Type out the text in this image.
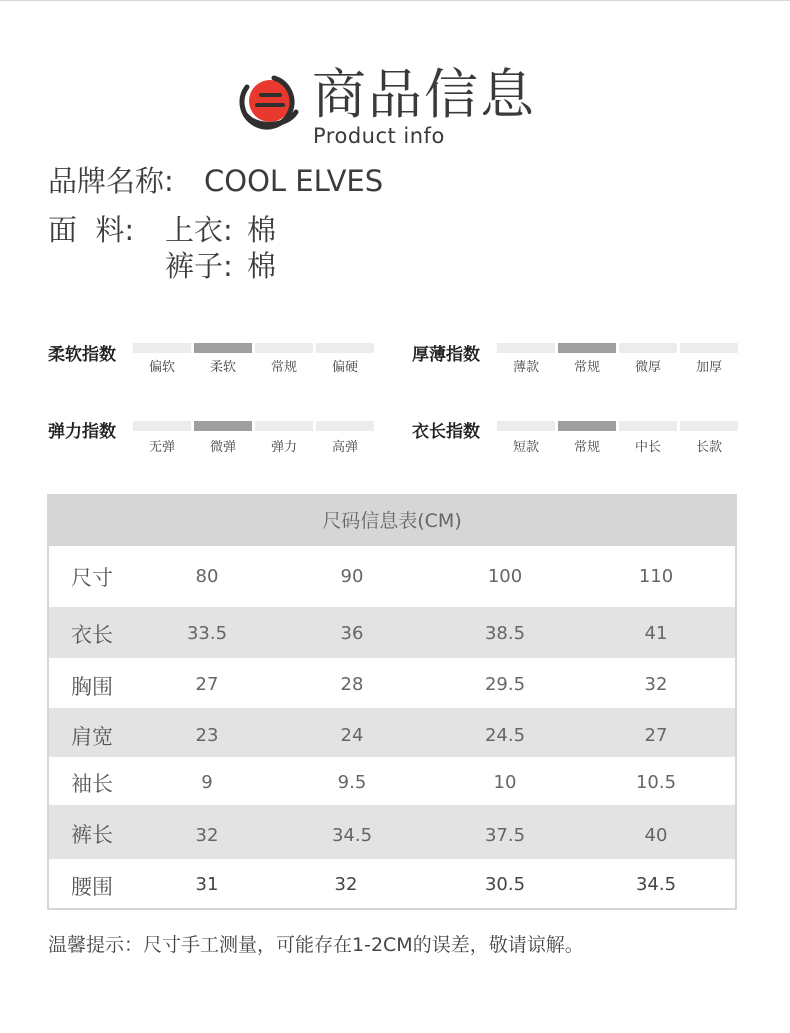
商品信息
Product info
品牌名称: COOL ELVES
面  料: 上衣: 棉
裤子: 棉
柔软指数
偏软	柔软	常规	偏硬
厚薄指数
薄款	常规	微厚	加厚
弹力指数
无弹	微弹	弹力	高弹
衣长指数
短款	常规	中长	长款
尺码信息表(CM)
尺寸	80	90	100	110
衣长	33.5	36	38.5	41
胸围	27	28	29.5	32
肩宽	23	24	24.5	27
袖长	9	9.5	10	10.5
裤长	32	34.5	37.5	40
腰围	31	32	30.5	34.5
温馨提示：尺寸手工测量，可能存在1-2CM的误差，敬请谅解。
